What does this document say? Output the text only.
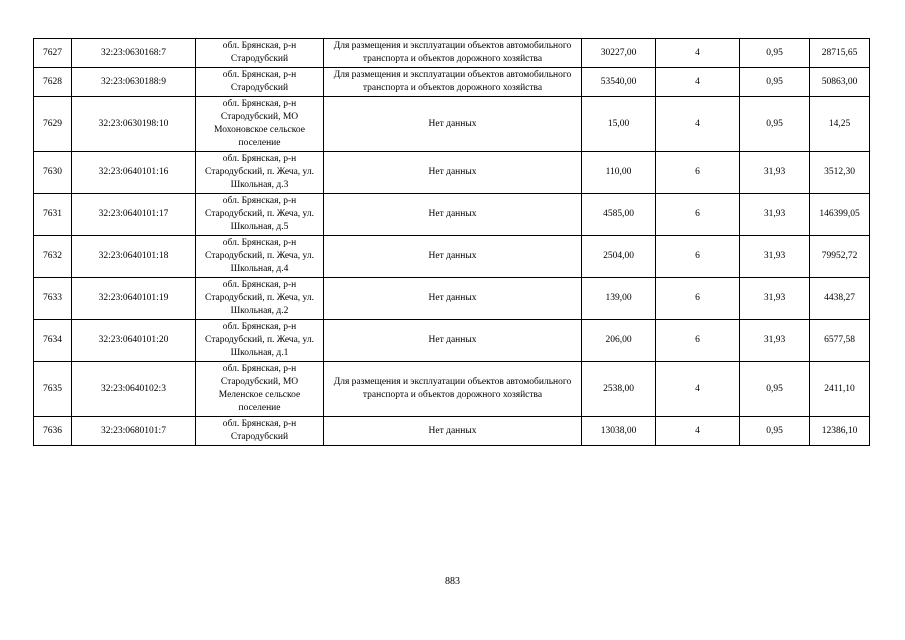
7627	32:23:0630168:7	обл. Брянская, р-н Стародубский	Для размещения и эксплуатации объектов автомобильного транспорта и объектов дорожного хозяйства	30227,00	4	0,95	28715,65
7628	32:23:0630188:9	обл. Брянская, р-н Стародубский	Для размещения и эксплуатации объектов автомобильного транспорта и объектов дорожного хозяйства	53540,00	4	0,95	50863,00
7629	32:23:0630198:10	обл. Брянская, р-н Стародубский, МО Мохоновское сельское поселение	Нет данных	15,00	4	0,95	14,25
7630	32:23:0640101:16	обл. Брянская, р-н Стародубский, п. Жеча, ул. Школьная, д.3	Нет данных	110,00	6	31,93	3512,30
7631	32:23:0640101:17	обл. Брянская, р-н Стародубский, п. Жеча, ул. Школьная, д.5	Нет данных	4585,00	6	31,93	146399,05
7632	32:23:0640101:18	обл. Брянская, р-н Стародубский, п. Жеча, ул. Школьная, д.4	Нет данных	2504,00	6	31,93	79952,72
7633	32:23:0640101:19	обл. Брянская, р-н Стародубский, п. Жеча, ул. Школьная, д.2	Нет данных	139,00	6	31,93	4438,27
7634	32:23:0640101:20	обл. Брянская, р-н Стародубский, п. Жеча, ул. Школьная, д.1	Нет данных	206,00	6	31,93	6577,58
7635	32:23:0640102:3	обл. Брянская, р-н Стародубский, МО Меленское сельское поселение	Для размещения и эксплуатации объектов автомобильного транспорта и объектов дорожного хозяйства	2538,00	4	0,95	2411,10
7636	32:23:0680101:7	обл. Брянская, р-н Стародубский	Нет данных	13038,00	4	0,95	12386,10
883
